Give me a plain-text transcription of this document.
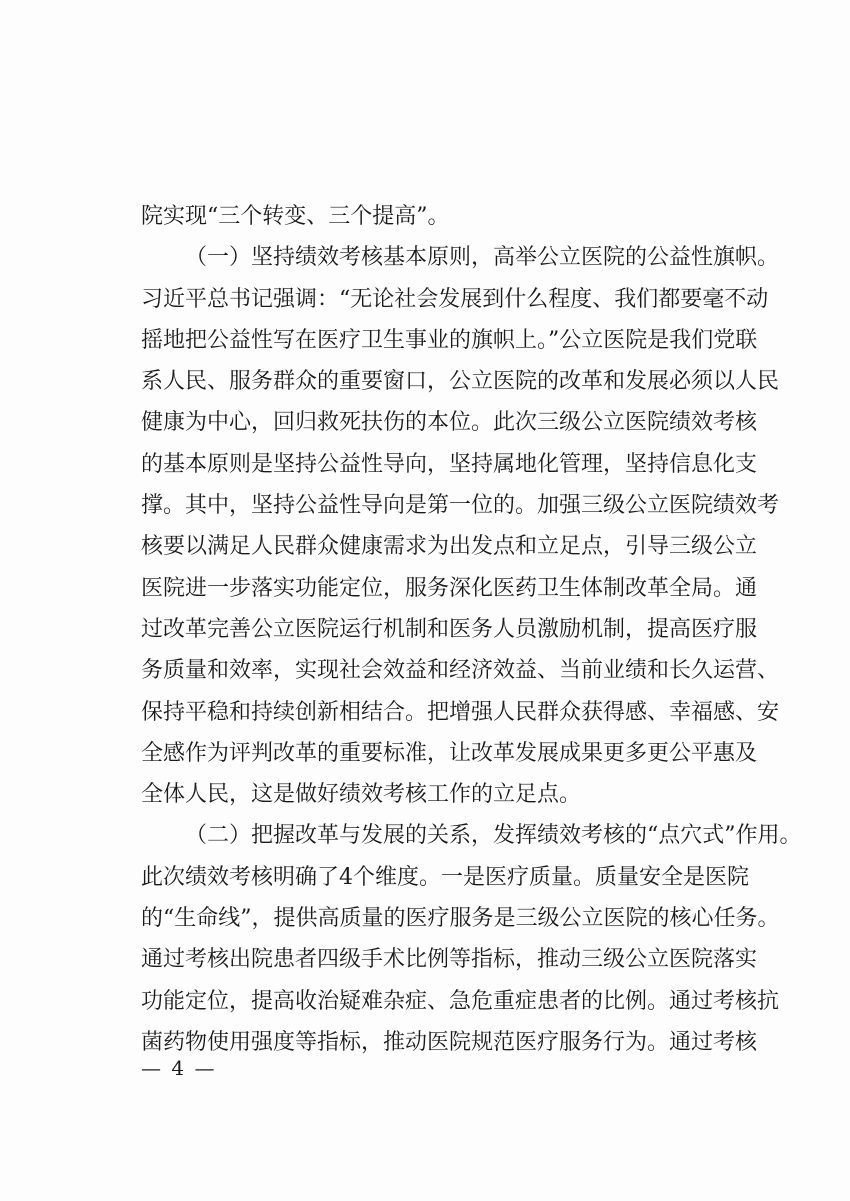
院实现“三个转变、三个提高”。
（一）坚持绩效考核基本原则，高举公立医院的公益性旗帜。
习近平总书记强调：“无论社会发展到什么程度、我们都要毫不动
摇地把公益性写在医疗卫生事业的旗帜上。”公立医院是我们党联
系人民、服务群众的重要窗口，公立医院的改革和发展必须以人民
健康为中心，回归救死扶伤的本位。此次三级公立医院绩效考核
的基本原则是坚持公益性导向，坚持属地化管理，坚持信息化支
撑。其中，坚持公益性导向是第一位的。加强三级公立医院绩效考
核要以满足人民群众健康需求为出发点和立足点，引导三级公立
医院进一步落实功能定位，服务深化医药卫生体制改革全局。通
过改革完善公立医院运行机制和医务人员激励机制，提高医疗服
务质量和效率，实现社会效益和经济效益、当前业绩和长久运营、
保持平稳和持续创新相结合。把增强人民群众获得感、幸福感、安
全感作为评判改革的重要标准，让改革发展成果更多更公平惠及
全体人民，这是做好绩效考核工作的立足点。
（二）把握改革与发展的关系，发挥绩效考核的“点穴式”作用。
此次绩效考核明确了4个维度。一是医疗质量。质量安全是医院
的“生命线”，提供高质量的医疗服务是三级公立医院的核心任务。
通过考核出院患者四级手术比例等指标，推动三级公立医院落实
功能定位，提高收治疑难杂症、急危重症患者的比例。通过考核抗
菌药物使用强度等指标，推动医院规范医疗服务行为。通过考核
— 4 —
